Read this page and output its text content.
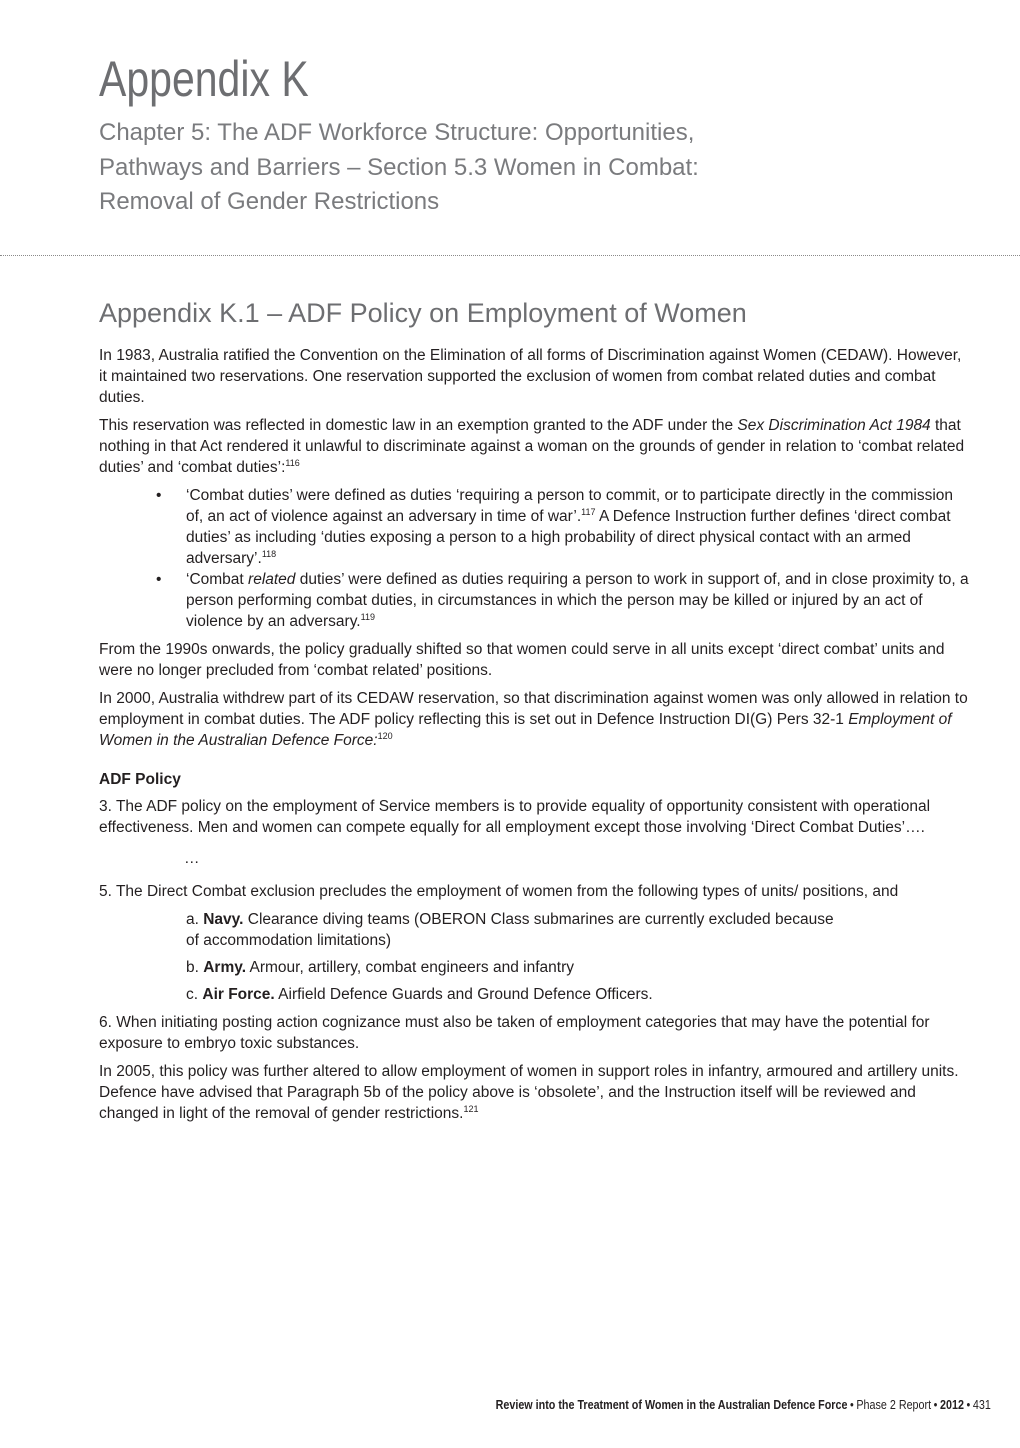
Appendix K
Chapter 5: The ADF Workforce Structure: Opportunities,
Pathways and Barriers – Section 5.3 Women in Combat:
Removal of Gender Restrictions
Appendix K.1 – ADF Policy on Employment of Women

In 1983, Australia ratified the Convention on the Elimination of all forms of Discrimination against Women (CEDAW). However, it maintained two reservations. One reservation supported the exclusion of women from combat related duties and combat duties.

This reservation was reflected in domestic law in an exemption granted to the ADF under the Sex Discrimination Act 1984 that nothing in that Act rendered it unlawful to discriminate against a woman on the grounds of gender in relation to ‘combat related duties’ and ‘combat duties’:$^{116}$

• ‘Combat duties’ were defined as duties ‘requiring a person to commit, or to participate directly in the commission of, an act of violence against an adversary in time of war’.$^{117}$ A Defence Instruction further defines ‘direct combat duties’ as including ‘duties exposing a person to a high probability of direct physical contact with an armed adversary’.$^{118}$
• ‘Combat related duties’ were defined as duties requiring a person to work in support of, and in close proximity to, a person performing combat duties, in circumstances in which the person may be killed or injured by an act of violence by an adversary.$^{119}$

From the 1990s onwards, the policy gradually shifted so that women could serve in all units except ‘direct combat’ units and were no longer precluded from ‘combat related’ positions.

In 2000, Australia withdrew part of its CEDAW reservation, so that discrimination against women was only allowed in relation to employment in combat duties. The ADF policy reflecting this is set out in Defence Instruction DI(G) Pers 32-1 Employment of Women in the Australian Defence Force:$^{120}$

ADF Policy

3. The ADF policy on the employment of Service members is to provide equality of opportunity consistent with operational effectiveness. Men and women can compete equally for all employment except those involving ‘Direct Combat Duties’….

…

5. The Direct Combat exclusion precludes the employment of women from the following types of units/ positions, and

a. Navy. Clearance diving teams (OBERON Class submarines are currently excluded because of accommodation limitations)

b. Army. Armour, artillery, combat engineers and infantry

c. Air Force. Airfield Defence Guards and Ground Defence Officers.

6. When initiating posting action cognizance must also be taken of employment categories that may have the potential for exposure to embryo toxic substances.

In 2005, this policy was further altered to allow employment of women in support roles in infantry, armoured and artillery units. Defence have advised that Paragraph 5b of the policy above is ‘obsolete’, and the Instruction itself will be reviewed and changed in light of the removal of gender restrictions.$^{121}$

Review into the Treatment of Women in the Australian Defence Force • Phase 2 Report • 2012 • 431
